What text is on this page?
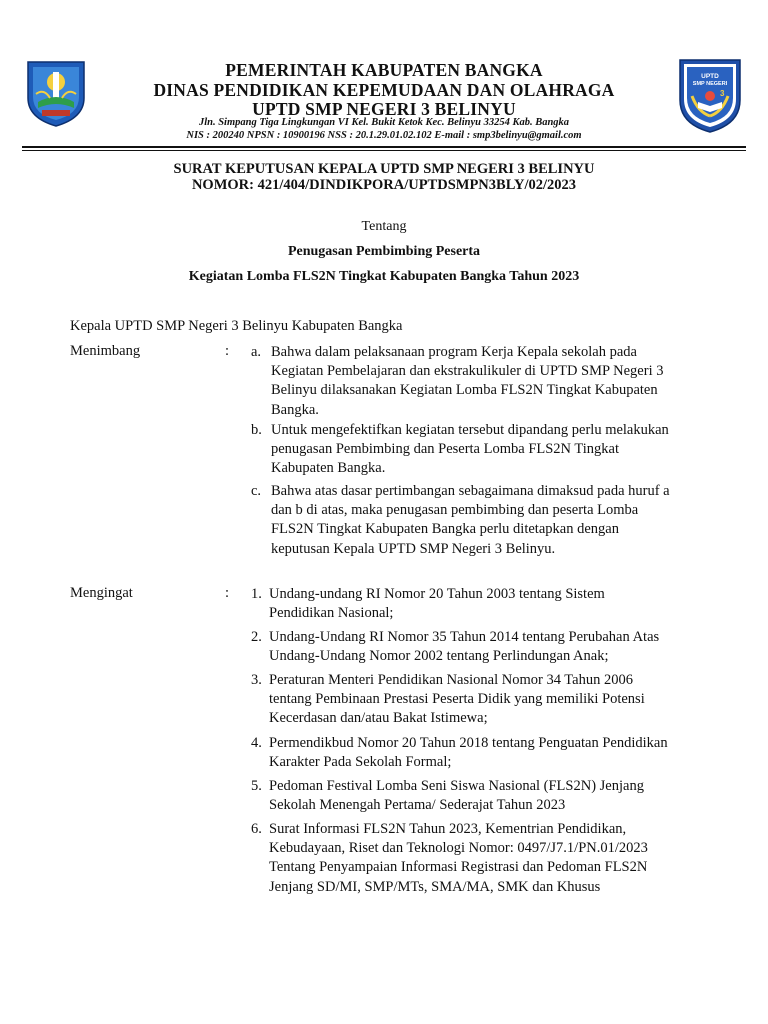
PEMERINTAH KABUPATEN BANGKA
DINAS PENDIDIKAN KEPEMUDAAN DAN OLAHRAGA
UPTD SMP NEGERI 3 BELINYU
Jln. Simpang Tiga Lingkungan VI Kel. Bukit Ketok Kec. Belinyu 33254 Kab. Bangka
NIS : 200240 NPSN : 10900196 NSS : 20.1.29.01.02.102 E-mail : smp3belinyu@gmail.com
UPTD
SMP NEGERI
3
SURAT KEPUTUSAN KEPALA UPTD SMP NEGERI 3 BELINYU
NOMOR: 421/404/DINDIKPORA/UPTDSMPN3BLY/02/2023
Tentang
Penugasan Pembimbing Peserta
Kegiatan Lomba FLS2N Tingkat Kabupaten Bangka Tahun 2023
Kepala UPTD SMP Negeri 3 Belinyu Kabupaten Bangka
Menimbang	: a. Bahwa dalam pelaksanaan program Kerja Kepala sekolah pada
Kegiatan Pembelajaran dan ekstrakulikuler di UPTD SMP Negeri 3
Belinyu dilaksanakan Kegiatan Lomba FLS2N Tingkat Kabupaten
Bangka.
b. Untuk mengefektifkan kegiatan tersebut dipandang perlu melakukan
penugasan Pembimbing dan Peserta Lomba FLS2N Tingkat
Kabupaten Bangka.
c. Bahwa atas dasar pertimbangan sebagaimana dimaksud pada huruf a
dan b di atas, maka penugasan pembimbing dan peserta Lomba
FLS2N Tingkat Kabupaten Bangka perlu ditetapkan dengan
keputusan Kepala UPTD SMP Negeri 3 Belinyu.
Mengingat	: 1. Undang-undang RI Nomor 20 Tahun 2003 tentang Sistem
Pendidikan Nasional;
2. Undang-Undang RI Nomor 35 Tahun 2014 tentang Perubahan Atas
Undang-Undang Nomor 2002 tentang Perlindungan Anak;
3. Peraturan Menteri Pendidikan Nasional Nomor 34 Tahun 2006
tentang Pembinaan Prestasi Peserta Didik yang memiliki Potensi
Kecerdasan dan/atau Bakat Istimewa;
4. Permendikbud Nomor 20 Tahun 2018 tentang Penguatan Pendidikan
Karakter Pada Sekolah Formal;
5. Pedoman Festival Lomba Seni Siswa Nasional (FLS2N) Jenjang
Sekolah Menengah Pertama/ Sederajat Tahun 2023
6. Surat Informasi FLS2N Tahun 2023, Kementrian Pendidikan,
Kebudayaan, Riset dan Teknologi Nomor: 0497/J7.1/PN.01/2023
Tentang Penyampaian Informasi Registrasi dan Pedoman FLS2N
Jenjang SD/MI, SMP/MTs, SMA/MA, SMK dan Khusus
